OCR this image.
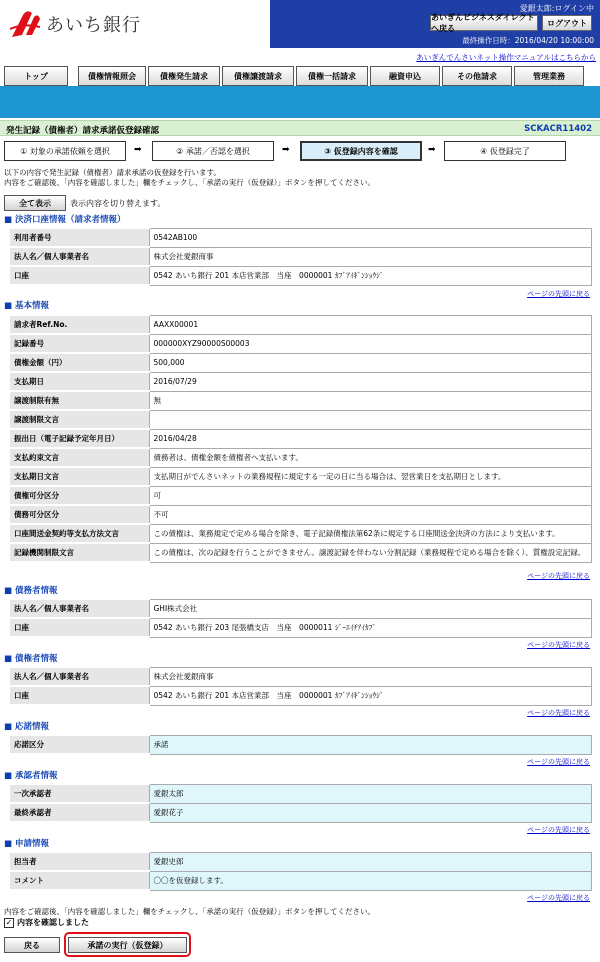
あいち銀行
愛銀太郎:ログイン中
あいぎんビジネスダイレクトへ戻る
ログアウト
最終操作日時：2016/04/20 10:00:00
あいぎんでんさいネット操作マニュアルはこちらから
トップ	債権情報照会	債権発生請求	債権譲渡請求	債権一括請求	融資申込	その他請求	管理業務
発生記録（債権者）請求承諾仮登録確認	SCKACR11402
① 対象の承諾依頼を選択	➡	② 承諾／否認を選択	➡	③ 仮登録内容を確認	➡	④ 仮登録完了
以下の内容で発生記録（債権者）請求承諾の仮登録を行います。
内容をご確認後、「内容を確認しました」欄をチェックし、「承諾の実行（仮登録）」ボタンを押してください。
全て表示	表示内容を切り替えます。
■ 決済口座情報（請求者情報）
利用者番号	0542AB100
法人名／個人事業者名	株式会社愛銀商事
口座	0542 あいち銀行 201 本店営業部　当座　0000001 ｶﾌﾞｱｲｷﾞﾝｼｮｳｼﾞ
ページの先頭に戻る
■ 基本情報
請求者Ref.No.	AAXX00001
記録番号	000000XYZ90000S00003
債権金額（円）	500,000
支払期日	2016/07/29
譲渡制限有無	無
譲渡制限文言	
振出日（電子記録予定年月日）	2016/04/28
支払約束文言	債務者は、債権金額を債権者へ支払います。
支払期日文言	支払期日がでんさいネットの業務規程に規定する一定の日に当る場合は、翌営業日を支払期日とします。
債権可分区分	可
債務可分区分	不可
口座間送金契約等支払方法文言	この債権は、業務規定で定める場合を除き、電子記録債権法第62条に規定する口座間送金決済の方法により支払います。
記録機関制限文言	この債権は、次の記録を行うことができません。譲渡記録を伴わない分割記録（業務規程で定める場合を除く）、質権設定記録。
ページの先頭に戻る
■ 債務者情報
法人名／個人事業者名	GHI株式会社
口座	0542 あいち銀行 203 尾張橋支店　当座　0000011 ｼﾞｰｴｲﾁｱｲｶﾌﾞ
ページの先頭に戻る
■ 債権者情報
法人名／個人事業者名	株式会社愛銀商事
口座	0542 あいち銀行 201 本店営業部　当座　0000001 ｶﾌﾞｱｲｷﾞﾝｼｮｳｼﾞ
ページの先頭に戻る
■ 応諾情報
応諾区分	承諾
ページの先頭に戻る
■ 承認者情報
一次承認者	愛銀太郎
最終承認者	愛銀花子
ページの先頭に戻る
■ 申請情報
担当者	愛銀史郎
コメント	〇〇を仮登録します。
ページの先頭に戻る
内容をご確認後、「内容を確認しました」欄をチェックし、「承諾の実行（仮登録）」ボタンを押してください。
✓ 内容を確認しました
戻る	承諾の実行（仮登録）
